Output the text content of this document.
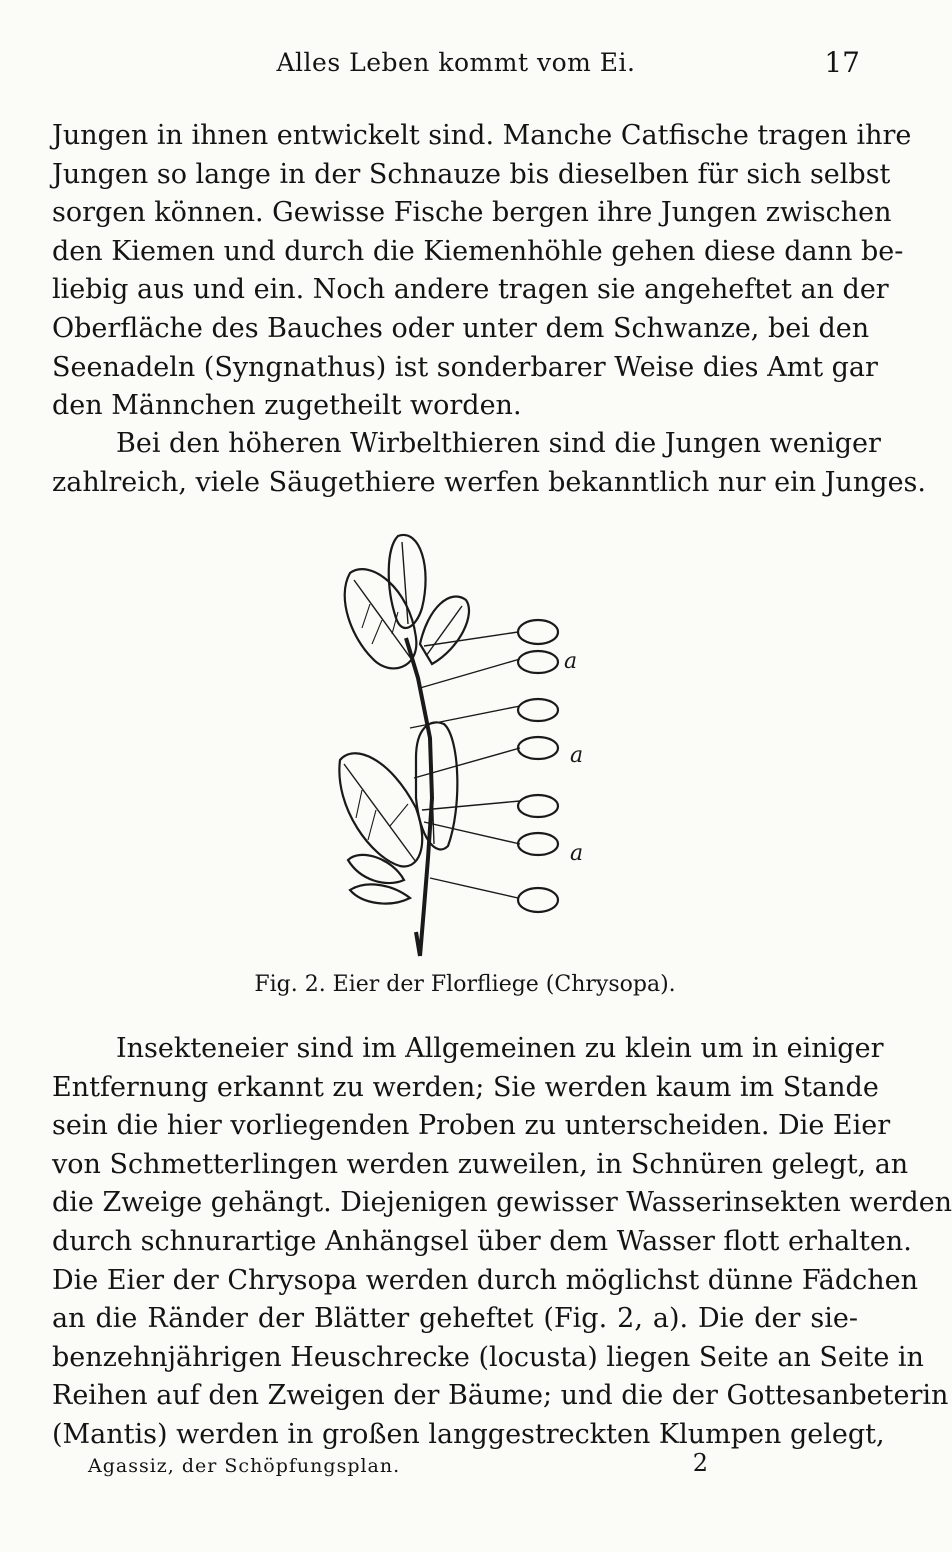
Alles Leben kommt vom Ei.	17
Jungen in ihnen entwickelt sind. Manche Catfische tragen ihre
Jungen so lange in der Schnauze bis dieselben für sich selbst
sorgen können. Gewisse Fische bergen ihre Jungen zwischen
den Kiemen und durch die Kiemenhöhle gehen diese dann be-
liebig aus und ein. Noch andere tragen sie angeheftet an der
Oberfläche des Bauches oder unter dem Schwanze, bei den
Seenadeln (Syngnathus) ist sonderbarer Weise dies Amt gar
den Männchen zugetheilt worden.
Bei den höheren Wirbelthieren sind die Jungen weniger
zahlreich, viele Säugethiere werfen bekanntlich nur ein Junges.
a
a
a
Fig. 2. Eier der Florfliege (Chrysopa).
Insekteneier sind im Allgemeinen zu klein um in einiger
Entfernung erkannt zu werden; Sie werden kaum im Stande
sein die hier vorliegenden Proben zu unterscheiden. Die Eier
von Schmetterlingen werden zuweilen, in Schnüren gelegt, an
die Zweige gehängt. Diejenigen gewisser Wasserinsekten werden
durch schnurartige Anhängsel über dem Wasser flott erhalten.
Die Eier der Chrysopa werden durch möglichst dünne Fädchen
an die Ränder der Blätter geheftet (Fig. 2, a). Die der sie-
benzehnjährigen Heuschrecke (locusta) liegen Seite an Seite in
Reihen auf den Zweigen der Bäume; und die der Gottesanbeterin
(Mantis) werden in großen langgestreckten Klumpen gelegt,
Agassiz, der Schöpfungsplan.	2
